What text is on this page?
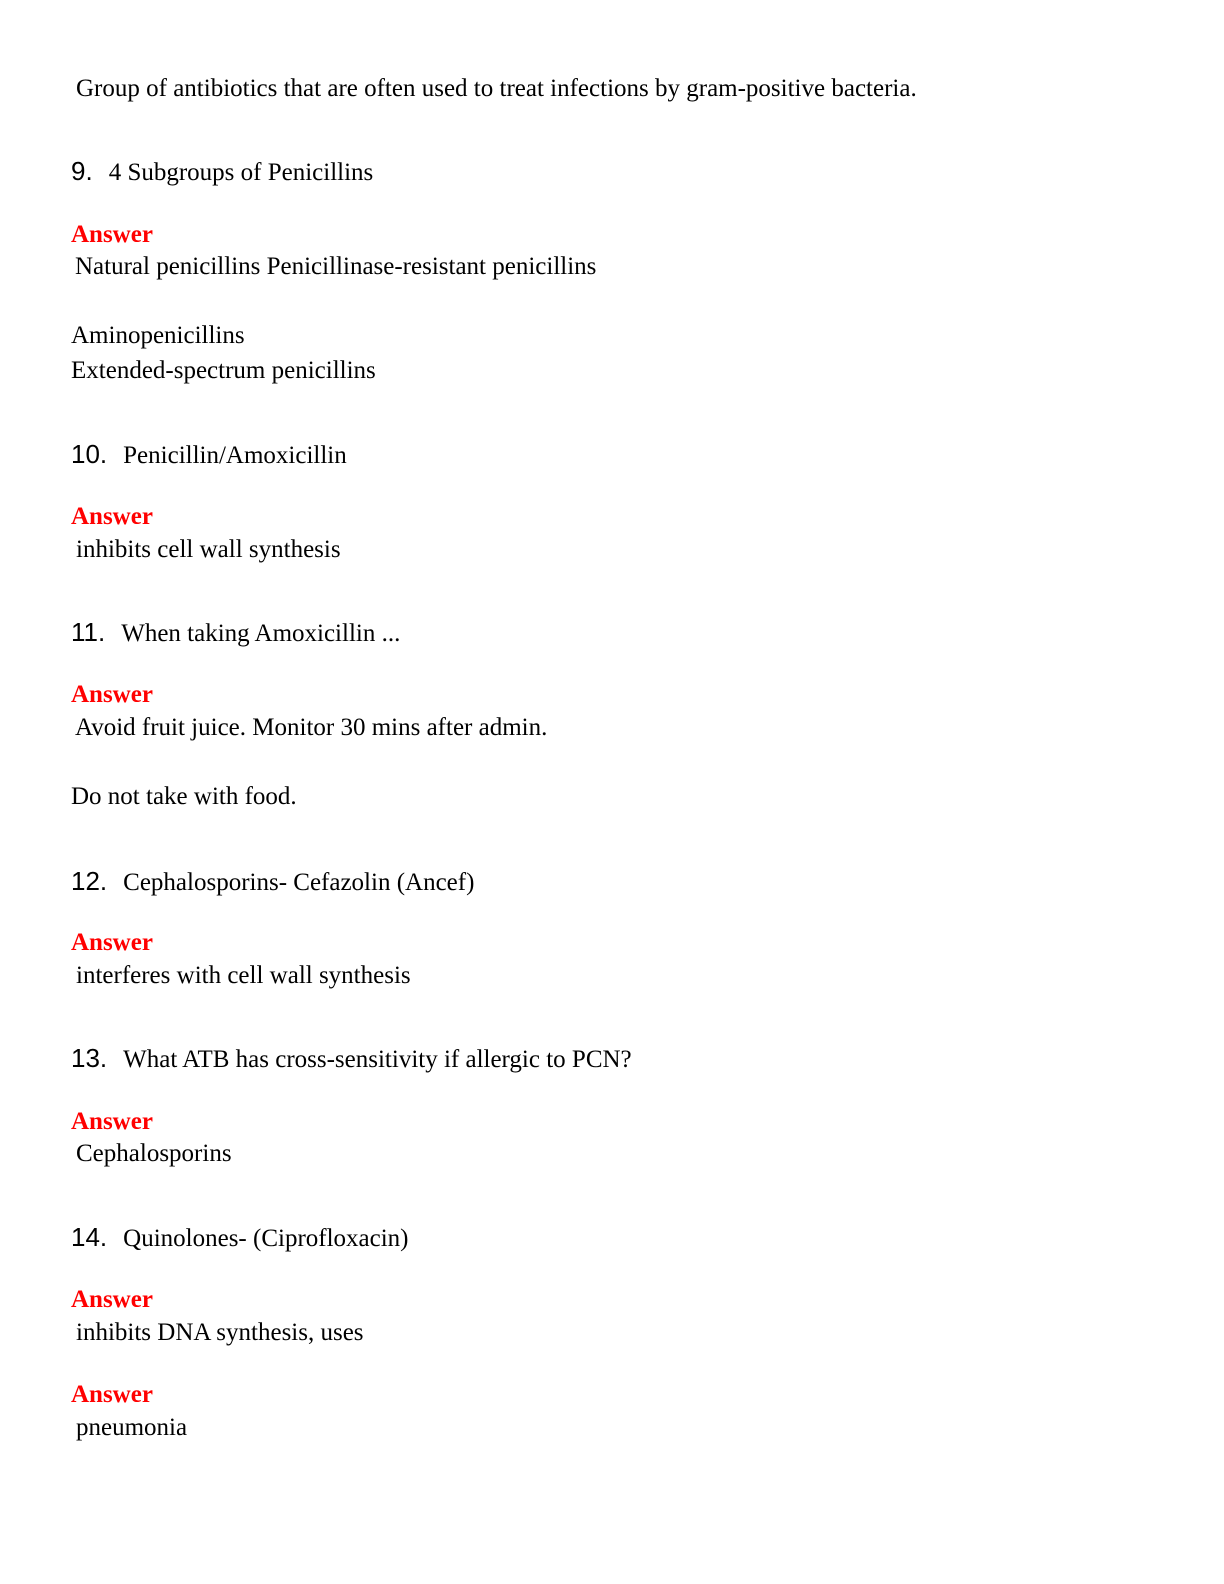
Group of antibiotics that are often used to treat infections by gram-positive bacteria.
9. 4 Subgroups of Penicillins
Answer
Natural penicillins Penicillinase-resistant penicillins
Aminopenicillins
Extended-spectrum penicillins
10. Penicillin/Amoxicillin
Answer
inhibits cell wall synthesis
11. When taking Amoxicillin ...
Answer
Avoid fruit juice. Monitor 30 mins after admin.
Do not take with food.
12. Cephalosporins- Cefazolin (Ancef)
Answer
interferes with cell wall synthesis
13. What ATB has cross-sensitivity if allergic to PCN?
Answer
Cephalosporins
14. Quinolones- (Ciprofloxacin)
Answer
inhibits DNA synthesis, uses
Answer
pneumonia
